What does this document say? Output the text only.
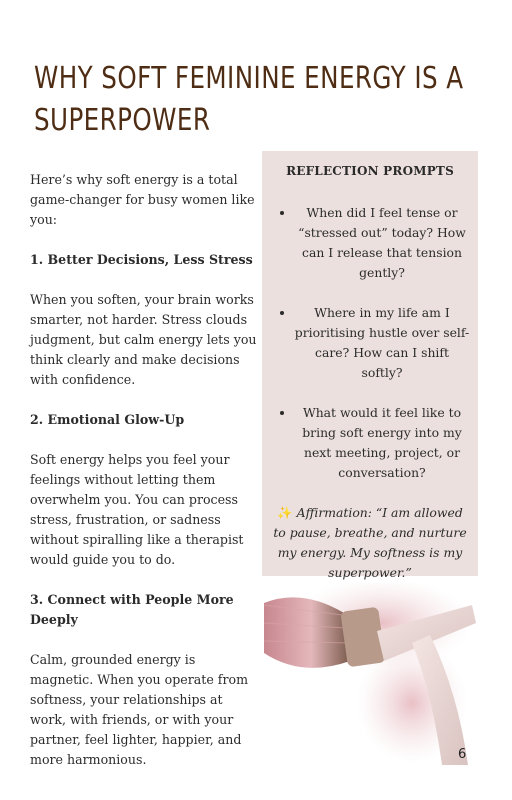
WHY SOFT FEMININE ENERGY IS A SUPERPOWER

Here’s why soft energy is a total game-changer for busy women like you:

1. Better Decisions, Less Stress

When you soften, your brain works smarter, not harder. Stress clouds judgment, but calm energy lets you think clearly and make decisions with confidence.

2. Emotional Glow-Up

Soft energy helps you feel your feelings without letting them overwhelm you. You can process stress, frustration, or sadness without spiralling like a therapist would guide you to do.

3. Connect with People More Deeply

Calm, grounded energy is magnetic. When you operate from softness, your relationships at work, with friends, or with your partner, feel lighter, happier, and more harmonious.

REFLECTION PROMPTS
When did I feel tense or “stressed out” today? How can I release that tension gently?
Where in my life am I prioritising hustle over self-care? How can I shift softly?
What would it feel like to bring soft energy into my next meeting, project, or conversation?
✨ Affirmation: “I am allowed to pause, breathe, and nurture my energy. My softness is my superpower.”
6
